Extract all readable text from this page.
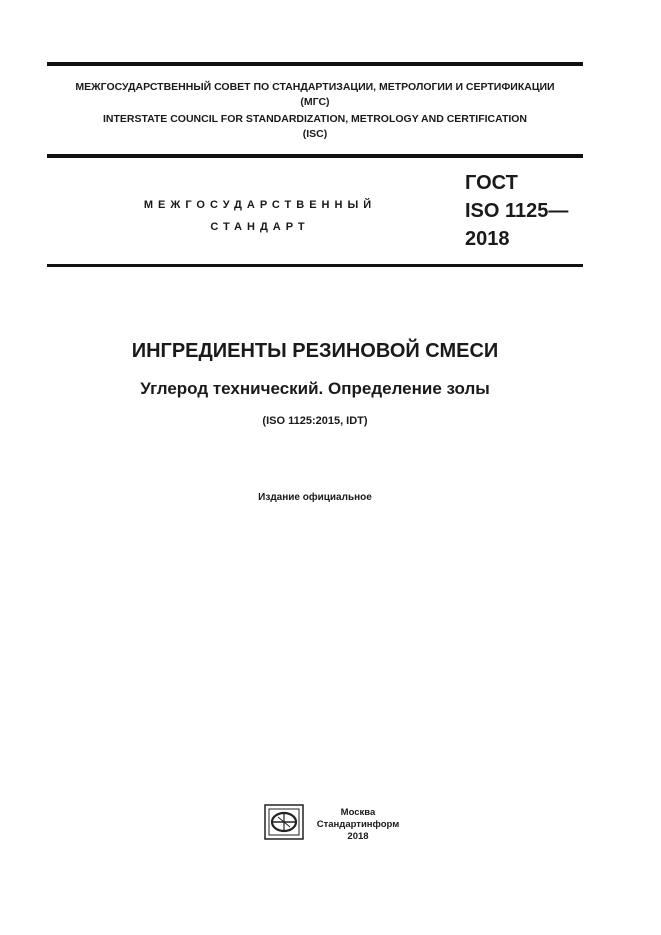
МЕЖГОСУДАРСТВЕННЫЙ СОВЕТ ПО СТАНДАРТИЗАЦИИ, МЕТРОЛОГИИ И СЕРТИФИКАЦИИ
(МГС)
INTERSTATE COUNCIL FOR STANDARDIZATION, METROLOGY AND CERTIFICATION
(ISC)
МЕЖГОСУДАРСТВЕННЫЙ
СТАНДАРТ
ГОСТ
ISO 1125—
2018
ИНГРЕДИЕНТЫ РЕЗИНОВОЙ СМЕСИ
Углерод технический. Определение золы
(ISO 1125:2015, IDT)
Издание официальное
Москва
Стандартинформ
2018
